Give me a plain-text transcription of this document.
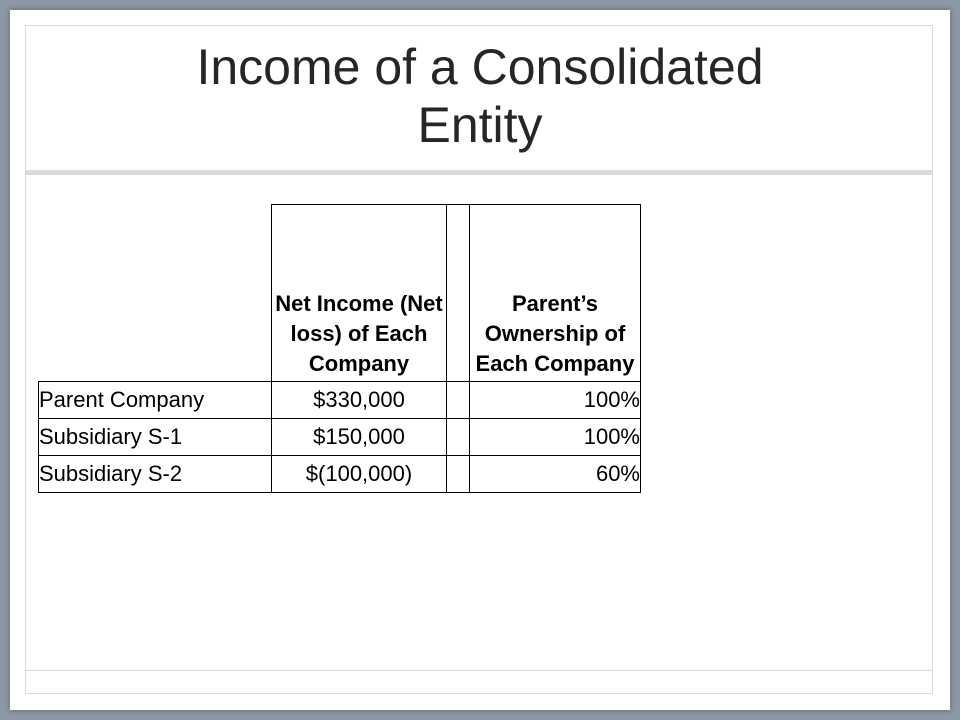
Income of a Consolidated
Entity
	Net Income (Net loss) of Each Company		Parent’s Ownership of Each Company
Parent Company	$330,000		100%
Subsidiary S-1	$150,000		100%
Subsidiary S-2	$(100,000)		60%
